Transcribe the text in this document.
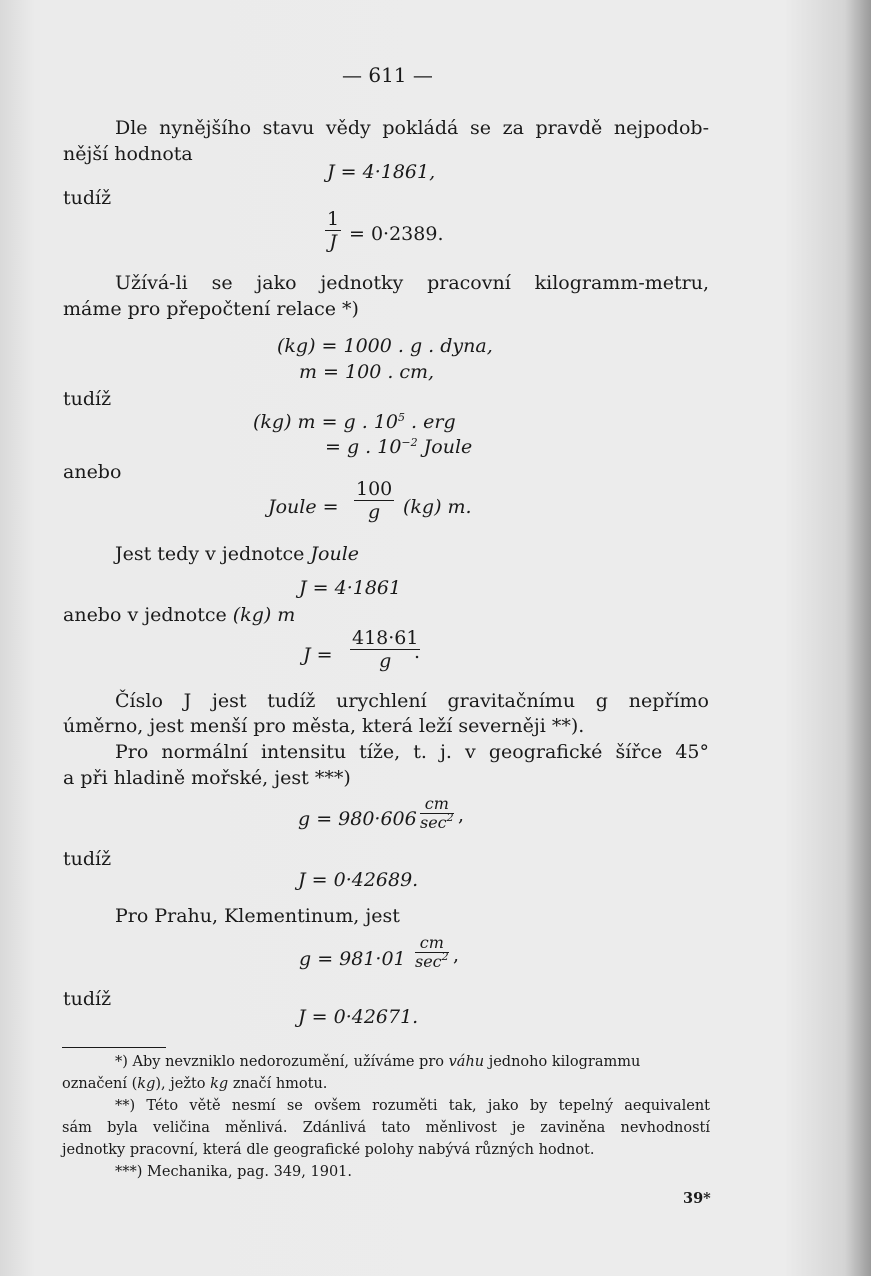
— 611 —
Dle nynějšího stavu vědy pokládá se za pravdě nejpodob-
nější hodnota
J = 4·1861,
tudíž
$\frac{1}{J} = 0\cdot 2389$.
Užívá-li se jako jednotky pracovní kilogramm-metru,
máme pro přepočtení relace *)
(kg) = 1000 . g . dyna,
m = 100 . cm,
tudíž
(kg) m = g . $10^5$ . erg
= g . $10^{-2}$ Joule
anebo
Joule = $\frac{100}{g} (kg)$ m.
Jest tedy v jednotce Joule
J = 4·1861
anebo v jednotce (kg) m
$J = \frac{418\cdot 61}{g}$
.
Číslo J jest tudíž urychlení gravitačnímu g nepřímo
úměrno, jest menší pro města, která leží severněji **).
Pro normální intensitu tíže, t. j. v geografické šířce 45°
a při hladině mořské, jest ***)
g = 980·606
cm
$\sec^2$ ,
tudíž
J = 0·42689.
Pro Prahu, Klementinum, jest
g = 981·01
cm
$\sec^2$ ,
tudíž
J = 0·42671.
*) Aby nevzniklo nedorozumění, užíváme pro váhu jednoho kilogrammu
označení (kg), ježto kg značí hmotu.
**) Této větě nesmí se ovšem rozuměti tak, jako by tepelný aequivalent
sám byla veličina měnlivá. Zdánlivá tato měnlivost je zaviněna nevhodností
jednotky pracovní, která dle geografické polohy nabývá různých hodnot.
***) Mechanika, pag. 349, 1901.
39*
